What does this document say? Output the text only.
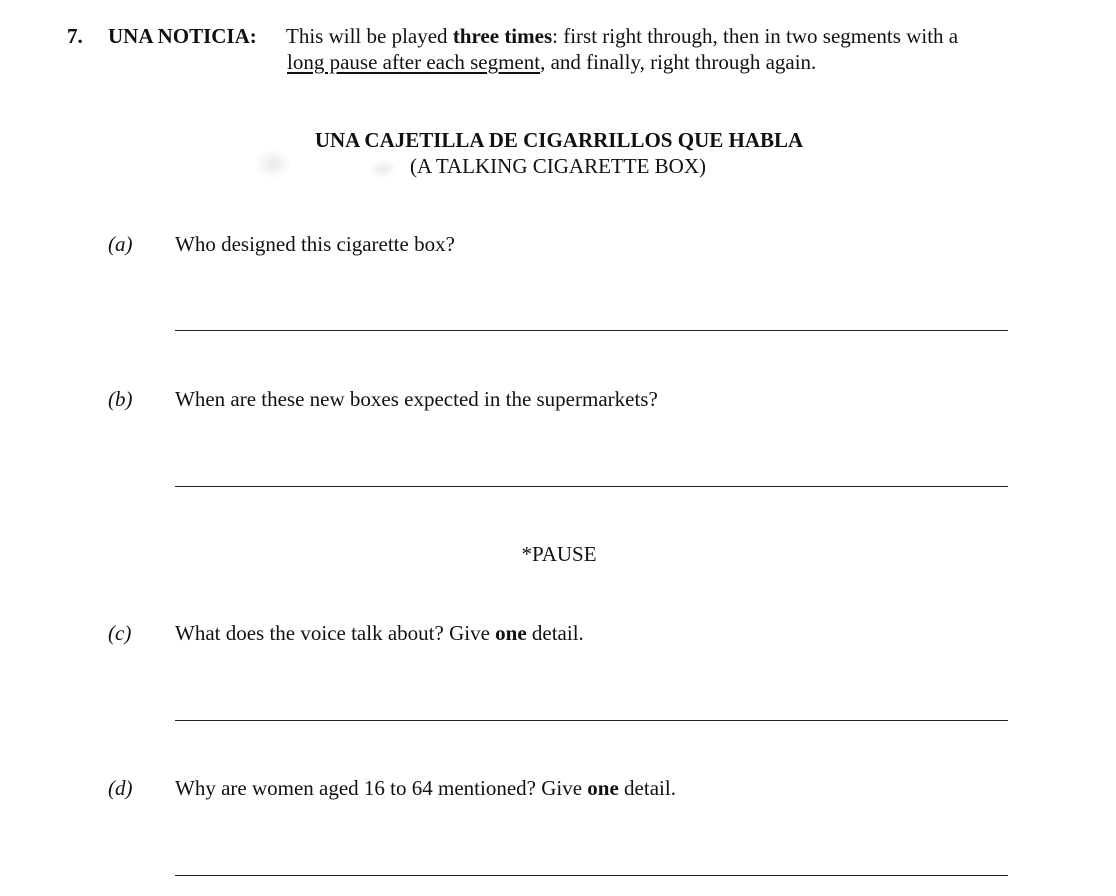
7. UNA NOTICIA: This will be played three times: first right through, then in two segments with a
long pause after each segment, and finally, right through again.
UNA CAJETILLA DE CIGARRILLOS QUE HABLA
(A TALKING CIGARETTE BOX)
(a) Who designed this cigarette box?
(b) When are these new boxes expected in the supermarkets?
*PAUSE
(c) What does the voice talk about? Give one detail.
(d) Why are women aged 16 to 64 mentioned? Give one detail.
